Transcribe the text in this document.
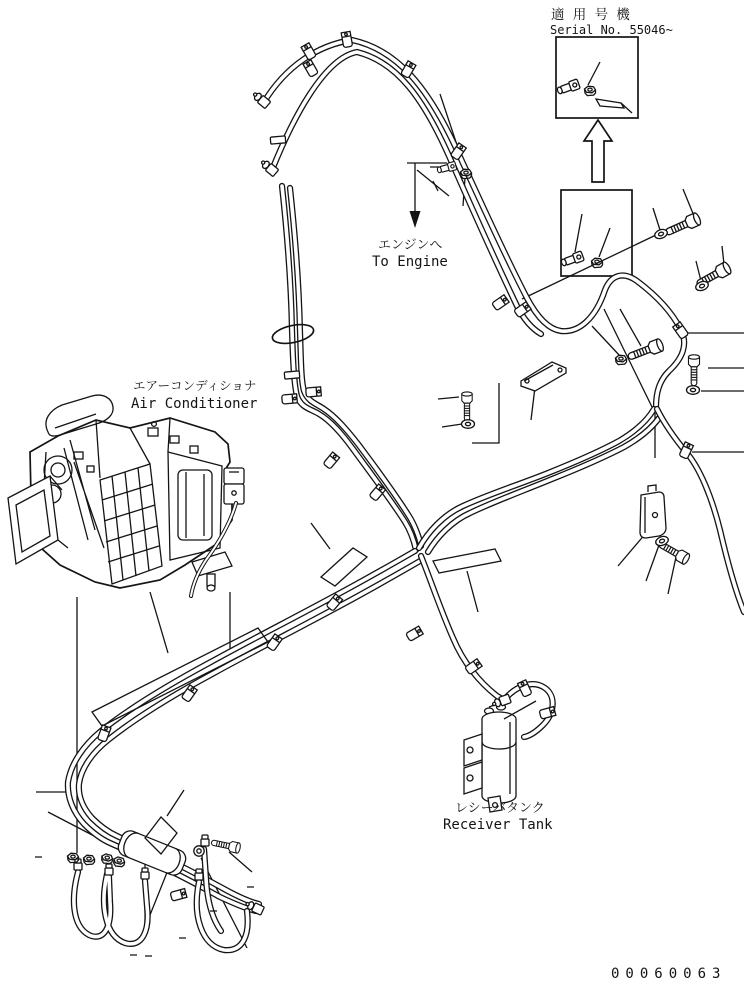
適 用 号 機
Serial No. 55046~
エンジンへ
To Engine
エアーコンディショナ
Air Conditioner
レシーバタンク
Receiver Tank
00060063
